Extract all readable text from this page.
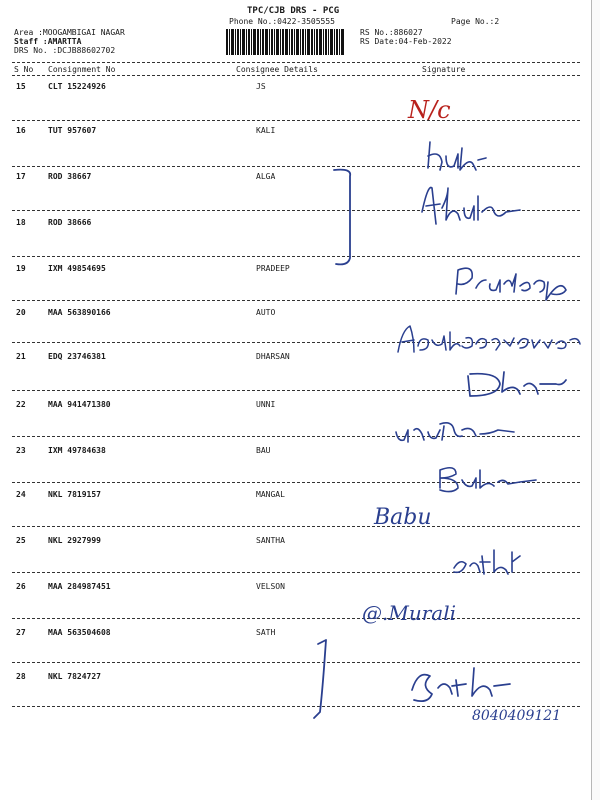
TPC/CJB DRS - PCG
Phone No.:0422-3505555	Page No.:2
Area :MOOGAMBIGAI NAGAR
Staff :AMARTTA
DRS No. :DCJB88602702
RS No.:886027
RS Date:04-Feb-2022
S No Consignment No	Consignee Details	Signature
15	CLT 15224926	JS
16	TUT 957607	KALI
17	ROD 38667	ALGA
18	ROD 38666
19	IXM 49854695	PRADEEP
20	MAA 563890166	AUTO
21	EDQ 23746381	DHARSAN
22	MAA 941471380	UNNI
23	IXM 49784638	BAU
24	NKL 7819157	MANGAL
25	NKL 2927999	SANTHA
26	MAA 284987451	VELSON
27	MAA 563504608	SATH
28	NKL 7824727
N/c
Babu
@.Murali
8040409121
